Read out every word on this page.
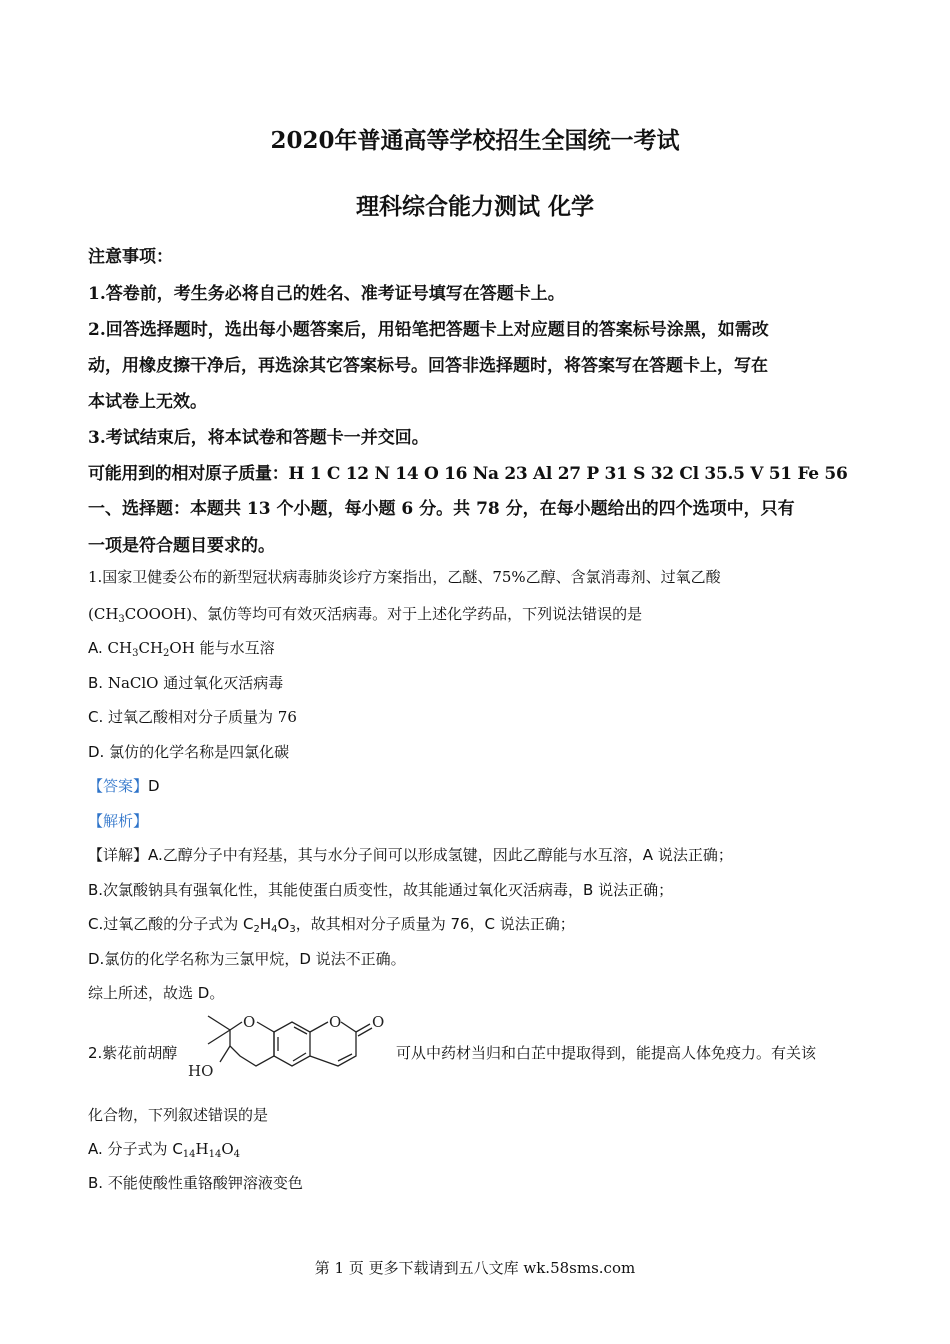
2020年普通高等学校招生全国统一考试
理科综合能力测试 化学
注意事项：
1.答卷前，考生务必将自己的姓名、准考证号填写在答题卡上。
2.回答选择题时，选出每小题答案后，用铅笔把答题卡上对应题目的答案标号涂黑，如需改
动，用橡皮擦干净后，再选涂其它答案标号。回答非选择题时，将答案写在答题卡上，写在
本试卷上无效。
3.考试结束后，将本试卷和答题卡一并交回。
可能用到的相对原子质量：H 1 C 12 N 14 O 16 Na 23 Al 27 P 31 S 32 Cl 35.5 V 51 Fe 56
一、选择题：本题共 13 个小题，每小题 6 分。共 78 分，在每小题给出的四个选项中，只有
一项是符合题目要求的。
1.国家卫健委公布的新型冠状病毒肺炎诊疗方案指出，乙醚、75%乙醇、含氯消毒剂、过氧乙酸
$(CH_3COOOH)$、氯仿等均可有效灭活病毒。对于上述化学药品，下列说法错误的是
A. $CH_3CH_2OH$ 能与水互溶
B. NaClO 通过氧化灭活病毒
C. 过氧乙酸相对分子质量为 76
D. 氯仿的化学名称是四氯化碳
【答案】D
【解析】
【详解】A.乙醇分子中有羟基，其与水分子间可以形成氢键，因此乙醇能与水互溶，A 说法正确；
B.次氯酸钠具有强氧化性，其能使蛋白质变性，故其能通过氧化灭活病毒，B 说法正确；
C.过氧乙酸的分子式为 $C_2H_4O_3$，故其相对分子质量为 76，C 说法正确；
D.氯仿的化学名称为三氯甲烷，D 说法不正确。
综上所述，故选 D。
2.紫花前胡醇
O	O O
HO
可从中药材当归和白芷中提取得到，能提高人体免疫力。有关该
化合物，下列叙述错误的是
A. 分子式为 $C_{14}H_{14}O_4$
B. 不能使酸性重铬酸钾溶液变色
第 1 页 更多下载请到五八文库 wk.58sms.com
